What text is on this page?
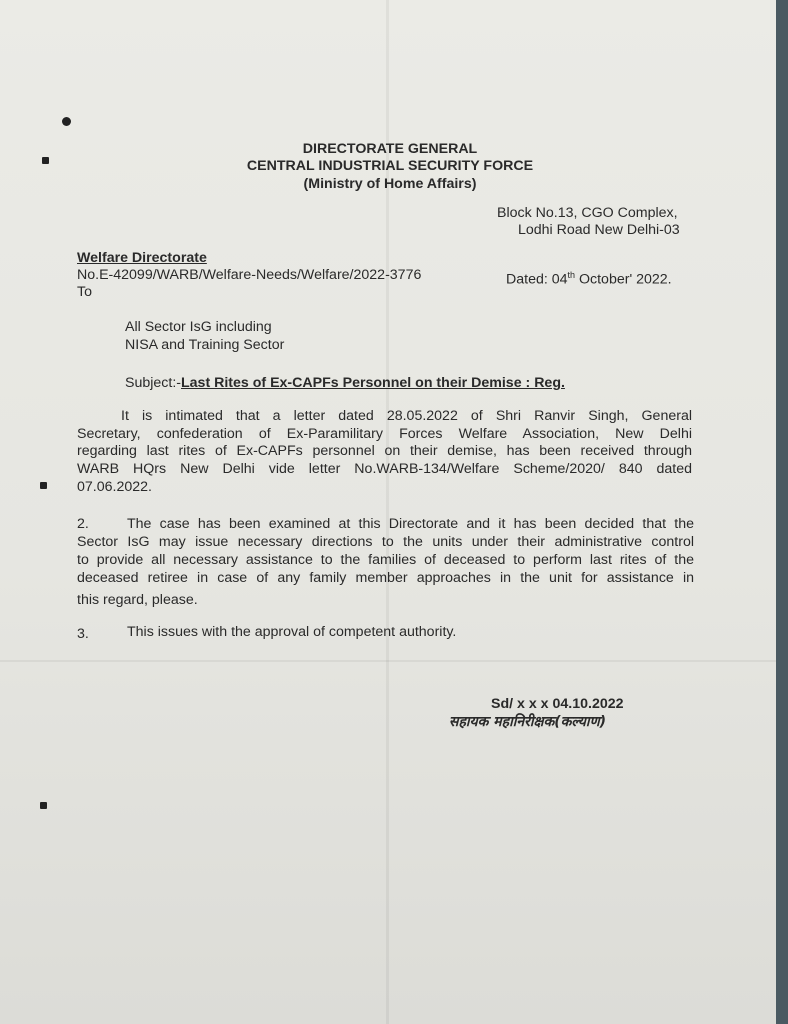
DIRECTORATE GENERAL
CENTRAL INDUSTRIAL SECURITY FORCE
(Ministry of Home Affairs)
Block No.13, CGO Complex,
Lodhi Road New Delhi-03
Welfare Directorate
No.E-42099/WARB/Welfare-Needs/Welfare/2022-3776	Dated: 04th October' 2022.
To
All Sector IsG including
NISA and Training Sector
Subject:-Last Rites of Ex-CAPFs Personnel on their Demise : Reg.
It is intimated that a letter dated 28.05.2022 of Shri Ranvir Singh, General
Secretary, confederation of Ex-Paramilitary Forces Welfare Association, New Delhi
regarding last rites of Ex-CAPFs personnel on their demise, has been received through
WARB HQrs New Delhi vide letter No.WARB-134/Welfare Scheme/2020/ 840 dated
07.06.2022.
2.	The case has been examined at this Directorate and it has been decided that the
Sector IsG may issue necessary directions to the units under their administrative control
to provide all necessary assistance to the families of deceased to perform last rites of the
deceased retiree in case of any family member approaches in the unit for assistance in
this regard, please.
3.	This issues with the approval of competent authority.
Sd/ x x x 04.10.2022
सहायक महानिरीक्षक(कल्याण)
